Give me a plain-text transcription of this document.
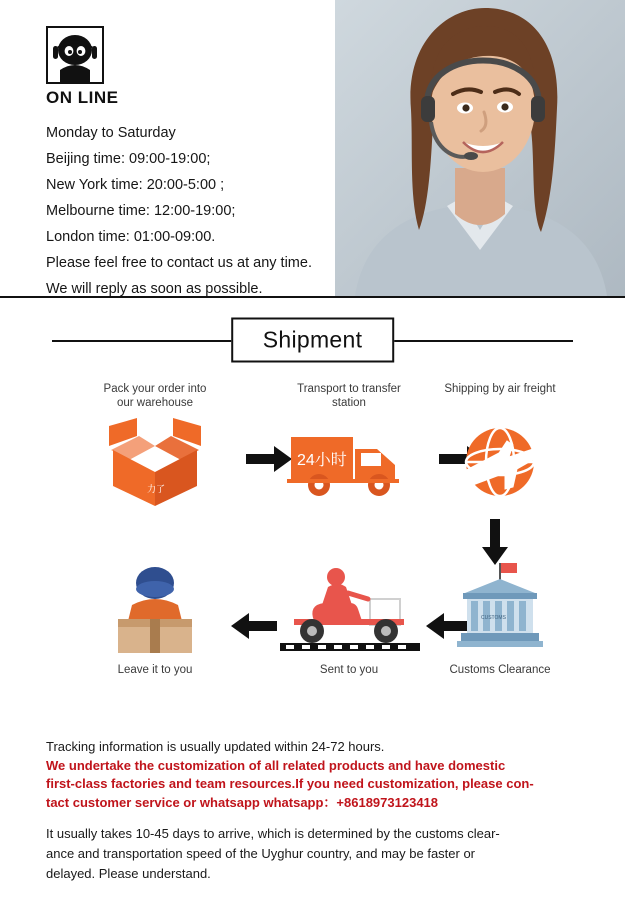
ON LINE
Monday to Saturday
Beijing time: 09:00-19:00;
New York time: 20:00-5:00 ;
Melbourne time: 12:00-19:00;
London time: 01:00-09:00.
Please feel free to contact us at any time.
We will reply as soon as possible.
Shipment
Pack your order into
our warehouse
力了
Transport to transfer
station
24小时
Shipping by air freight

Leave it to you	Sent to you
CUSTOMS
Customs Clearance
Tracking information is usually updated within 24-72 hours.
We undertake the customization of all related products and have domestic
first-class factories and team resources.If you need customization, please con-
tact customer service or whatsapp whatsapp：+8618973123418
It usually takes 10-45 days to arrive, which is determined by the customs clear-
ance and transportation speed of the Uyghur country, and may be faster or
delayed. Please understand.
